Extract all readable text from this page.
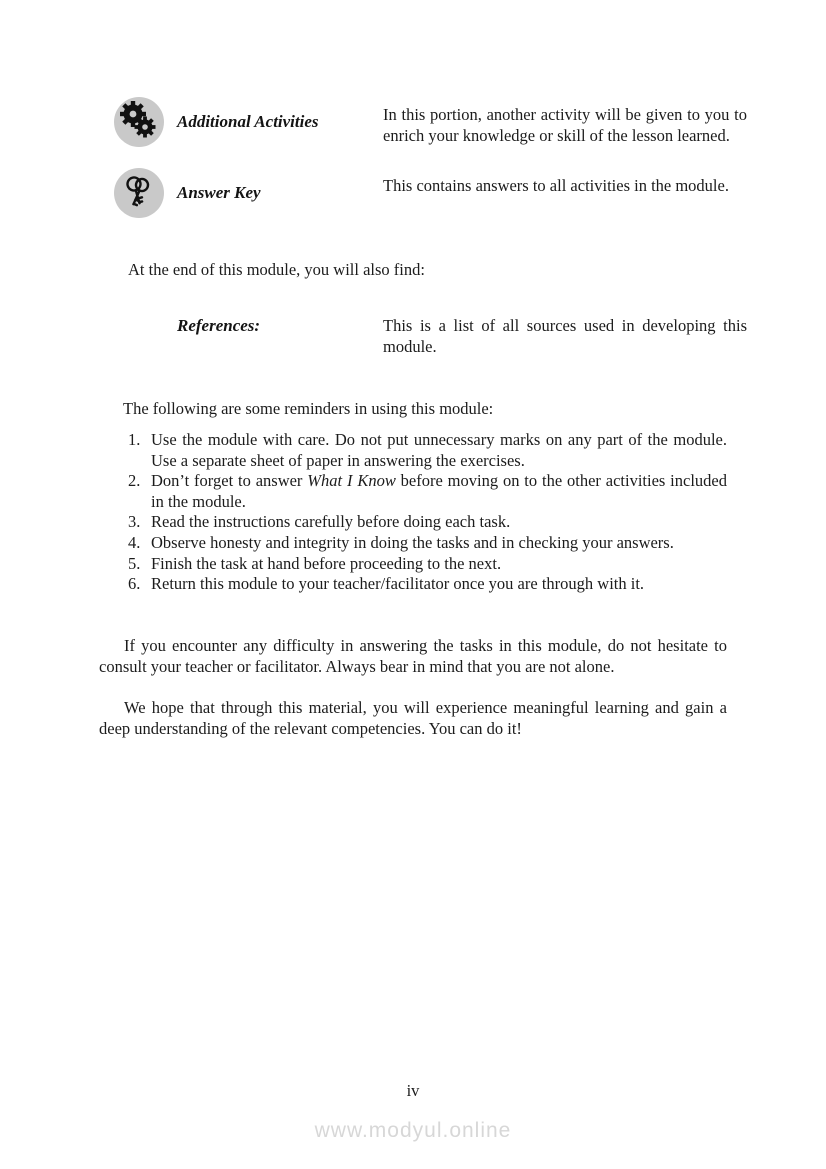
Additional Activities	In this portion, another activity will be given to you to enrich your knowledge or skill of the lesson learned.
Answer Key	This contains answers to all activities in the module.
At the end of this module, you will also find:
References:	This is a list of all sources used in developing this module.
The following are some reminders in using this module:
1. Use the module with care. Do not put unnecessary marks on any part of the module. Use a separate sheet of paper in answering the exercises.
2. Don’t forget to answer What I Know before moving on to the other activities included in the module.
3. Read the instructions carefully before doing each task.
4. Observe honesty and integrity in doing the tasks and in checking your answers.
5. Finish the task at hand before proceeding to the next.
6. Return this module to your teacher/facilitator once you are through with it.

If you encounter any difficulty in answering the tasks in this module, do not hesitate to consult your teacher or facilitator. Always bear in mind that you are not alone.

We hope that through this material, you will experience meaningful learning and gain a deep understanding of the relevant competencies. You can do it!

iv
www.modyul.online
